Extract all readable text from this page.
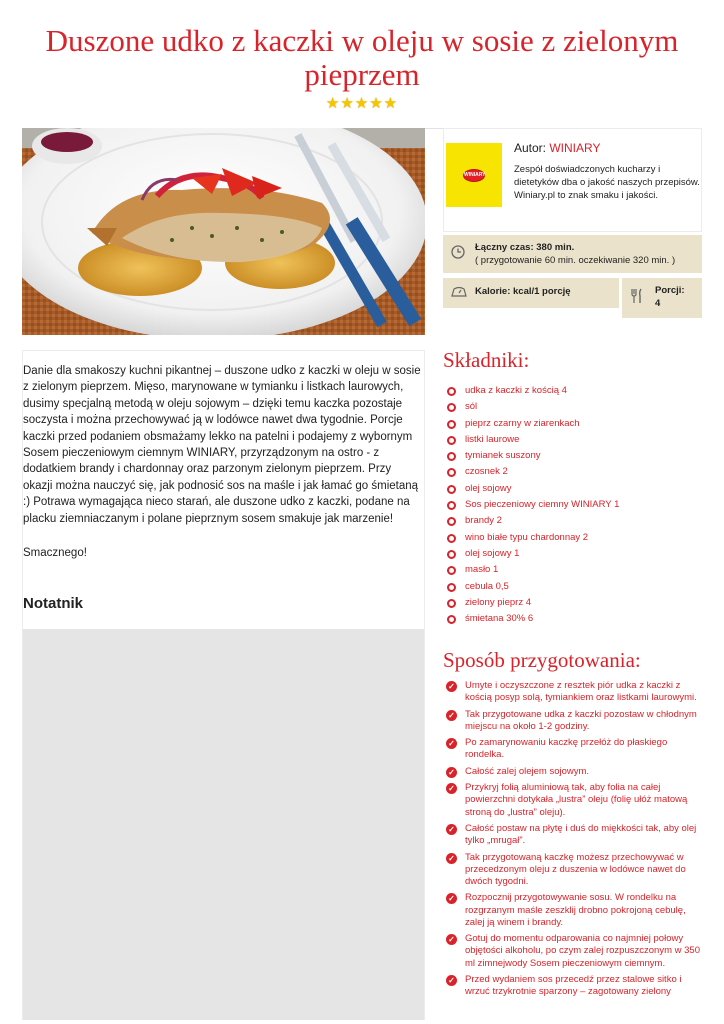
Duszone udko z kaczki w oleju w sosie z zielonym pieprzem
★★★★★
WINIARY
Autor: WINIARY
Zespół doświadczonych kucharzy i dietetyków dba o jakość naszych przepisów. Winiary.pl to znak smaku i jakości.
Łączny czas: 380 min.
( przygotowanie 60 min. oczekiwanie 320 min. )
Kalorie: kcal/1 porcję	Porcji:
4

Danie dla smakoszy kuchni pikantnej – duszone udko z kaczki w oleju w sosie z zielonym pieprzem. Mięso, marynowane w tymianku i listkach laurowych, dusimy specjalną metodą w oleju sojowym – dzięki temu kaczka pozostaje soczysta i można przechowywać ją w lodówce nawet dwa tygodnie. Porcje kaczki przed podaniem obsmażamy lekko na patelni i podajemy z wybornym Sosem pieczeniowym ciemnym WINIARY, przyrządzonym na ostro - z dodatkiem brandy i chardonnay oraz parzonym zielonym pieprzem. Przy okazji można nauczyć się, jak podnosić sos na maśle i jak łamać go śmietaną :) Potrawa wymagająca nieco starań, ale duszone udko z kaczki, podane na placku ziemniaczanym i polane pieprznym sosem smakuje jak marzenie!

Smacznego!

Notatnik
Składniki:
udka z kaczki z kością 4
sól
pieprz czarny w ziarenkach
listki laurowe
tymianek suszony
czosnek 2
olej sojowy
Sos pieczeniowy ciemny WINIARY 1
brandy 2
wino białe typu chardonnay 2
olej sojowy 1
masło 1
cebula 0,5
zielony pieprz 4
śmietana 30% 6
Sposób przygotowania:
✓ Umyte i oczyszczone z resztek piór udka z kaczki z kością posyp solą, tymiankiem oraz listkami laurowymi.
✓ Tak przygotowane udka z kaczki pozostaw w chłodnym miejscu na około 1-2 godziny.
✓ Po zamarynowaniu kaczkę przełóż do płaskiego rondelka.
✓ Całość zalej olejem sojowym.
✓ Przykryj folią aluminiową tak, aby folia na całej powierzchni dotykała „lustra” oleju (folię ułóż matową stroną do „lustra” oleju).
✓ Całość postaw na płytę i duś do miękkości tak, aby olej tylko „mrugał”.
✓ Tak przygotowaną kaczkę możesz przechowywać w przecedzonym oleju z duszenia w lodówce nawet do dwóch tygodni.
✓ Rozpocznij przygotowywanie sosu. W rondelku na rozgrzanym maśle zeszklij drobno pokrojoną cebulę, zalej ją winem i brandy.
✓ Gotuj do momentu odparowania co najmniej połowy objętości alkoholu, po czym zalej rozpuszczonym w 350 ml zimnejwody Sosem pieczeniowym ciemnym.
✓ Przed wydaniem sos przecedź przez stalowe sitko i wrzuć trzykrotnie sparzony – zagotowany zielony
